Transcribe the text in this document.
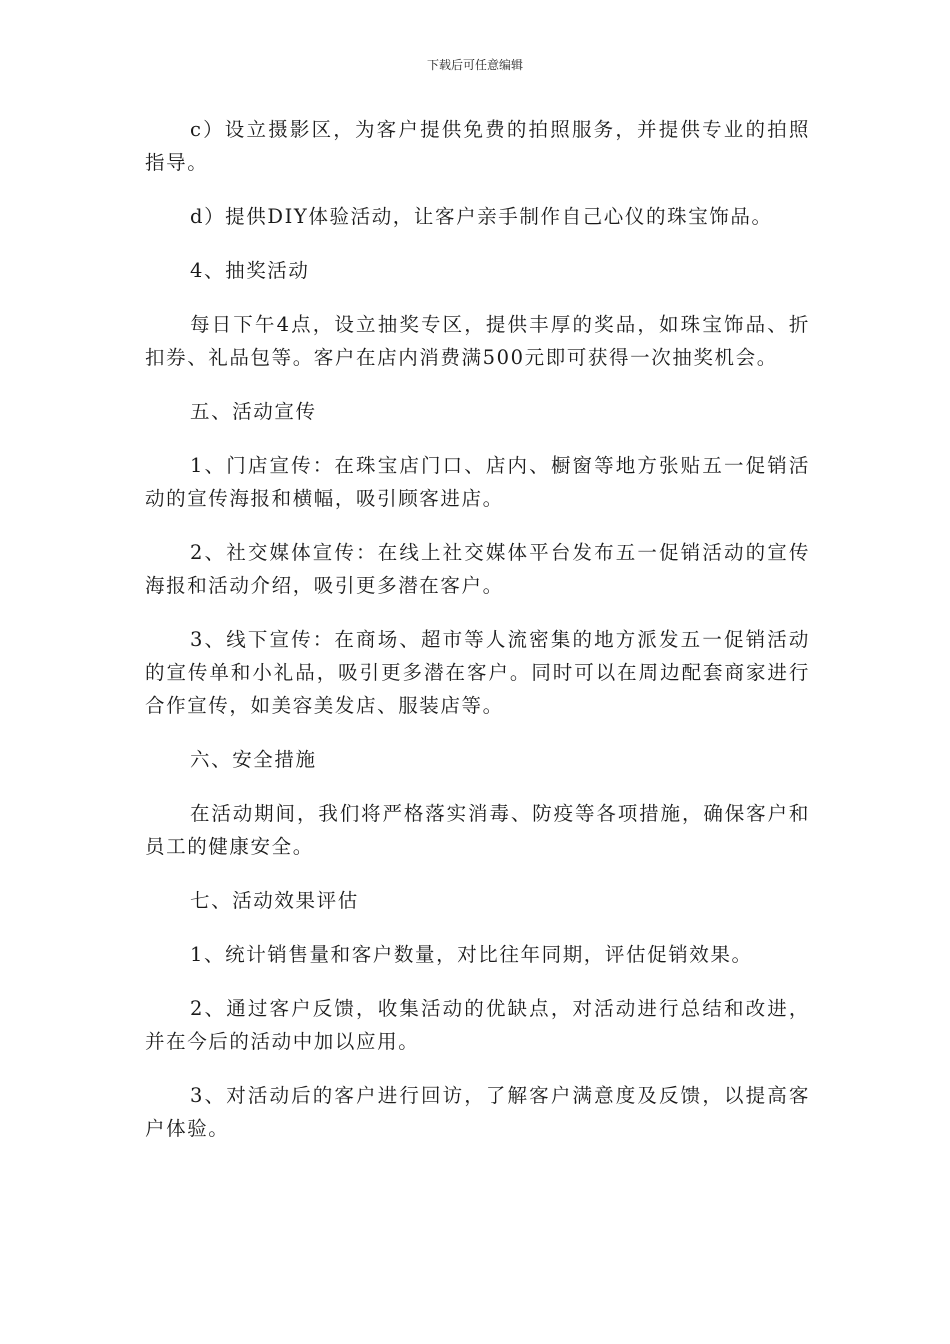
下载后可任意编辑

c）设立摄影区，为客户提供免费的拍照服务，并提供专业的拍照指导。

d）提供DIY体验活动，让客户亲手制作自己心仪的珠宝饰品。

4、抽奖活动

每日下午4点，设立抽奖专区，提供丰厚的奖品，如珠宝饰品、折扣券、礼品包等。客户在店内消费满500元即可获得一次抽奖机会。

五、活动宣传

1、门店宣传：在珠宝店门口、店内、橱窗等地方张贴五一促销活动的宣传海报和横幅，吸引顾客进店。

2、社交媒体宣传：在线上社交媒体平台发布五一促销活动的宣传海报和活动介绍，吸引更多潜在客户。

3、线下宣传：在商场、超市等人流密集的地方派发五一促销活动的宣传单和小礼品，吸引更多潜在客户。同时可以在周边配套商家进行合作宣传，如美容美发店、服装店等。

六、安全措施

在活动期间，我们将严格落实消毒、防疫等各项措施，确保客户和员工的健康安全。

七、活动效果评估

1、统计销售量和客户数量，对比往年同期，评估促销效果。

2、通过客户反馈，收集活动的优缺点，对活动进行总结和改进，并在今后的活动中加以应用。

3、对活动后的客户进行回访，了解客户满意度及反馈，以提高客户体验。
